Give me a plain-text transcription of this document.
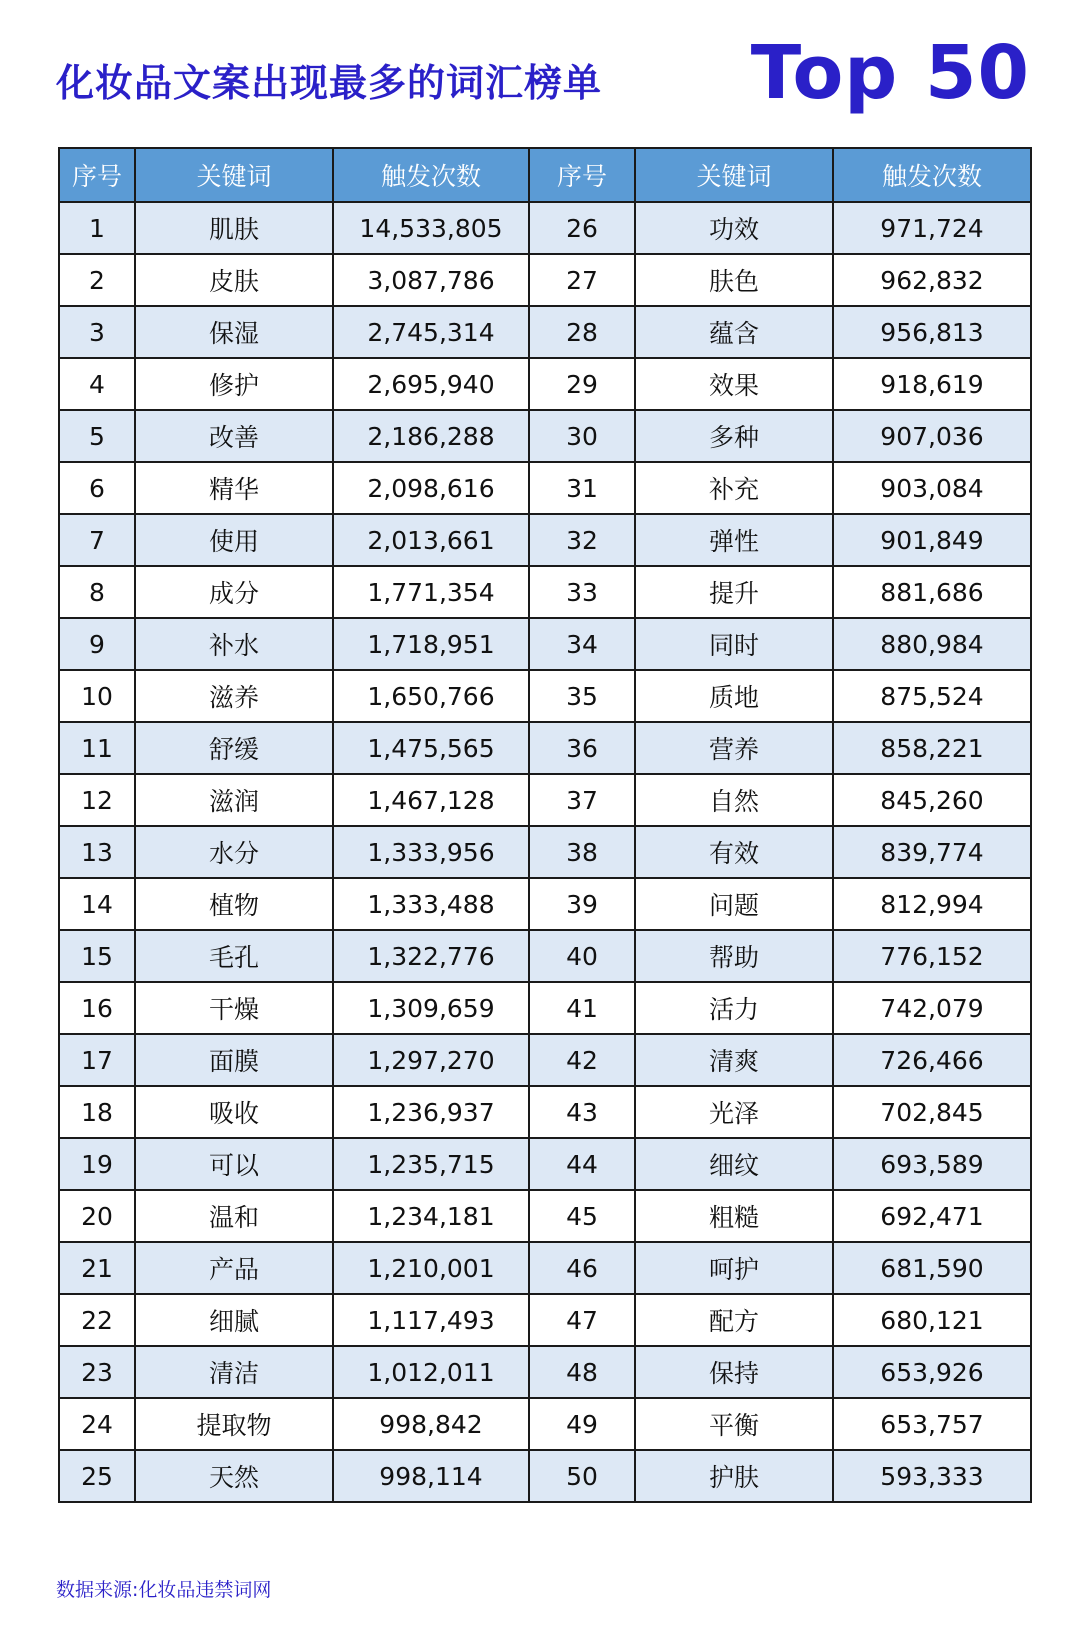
化妆品文案出现最多的词汇榜单 Top 50
序号	关键词	触发次数	序号	关键词	触发次数
1	肌肤	14,533,805	26	功效	971,724
2	皮肤	3,087,786	27	肤色	962,832
3	保湿	2,745,314	28	蕴含	956,813
4	修护	2,695,940	29	效果	918,619
5	改善	2,186,288	30	多种	907,036
6	精华	2,098,616	31	补充	903,084
7	使用	2,013,661	32	弹性	901,849
8	成分	1,771,354	33	提升	881,686
9	补水	1,718,951	34	同时	880,984
10	滋养	1,650,766	35	质地	875,524
11	舒缓	1,475,565	36	营养	858,221
12	滋润	1,467,128	37	自然	845,260
13	水分	1,333,956	38	有效	839,774
14	植物	1,333,488	39	问题	812,994
15	毛孔	1,322,776	40	帮助	776,152
16	干燥	1,309,659	41	活力	742,079
17	面膜	1,297,270	42	清爽	726,466
18	吸收	1,236,937	43	光泽	702,845
19	可以	1,235,715	44	细纹	693,589
20	温和	1,234,181	45	粗糙	692,471
21	产品	1,210,001	46	呵护	681,590
22	细腻	1,117,493	47	配方	680,121
23	清洁	1,012,011	48	保持	653,926
24	提取物	998,842	49	平衡	653,757
25	天然	998,114	50	护肤	593,333
数据来源:化妆品违禁词网
